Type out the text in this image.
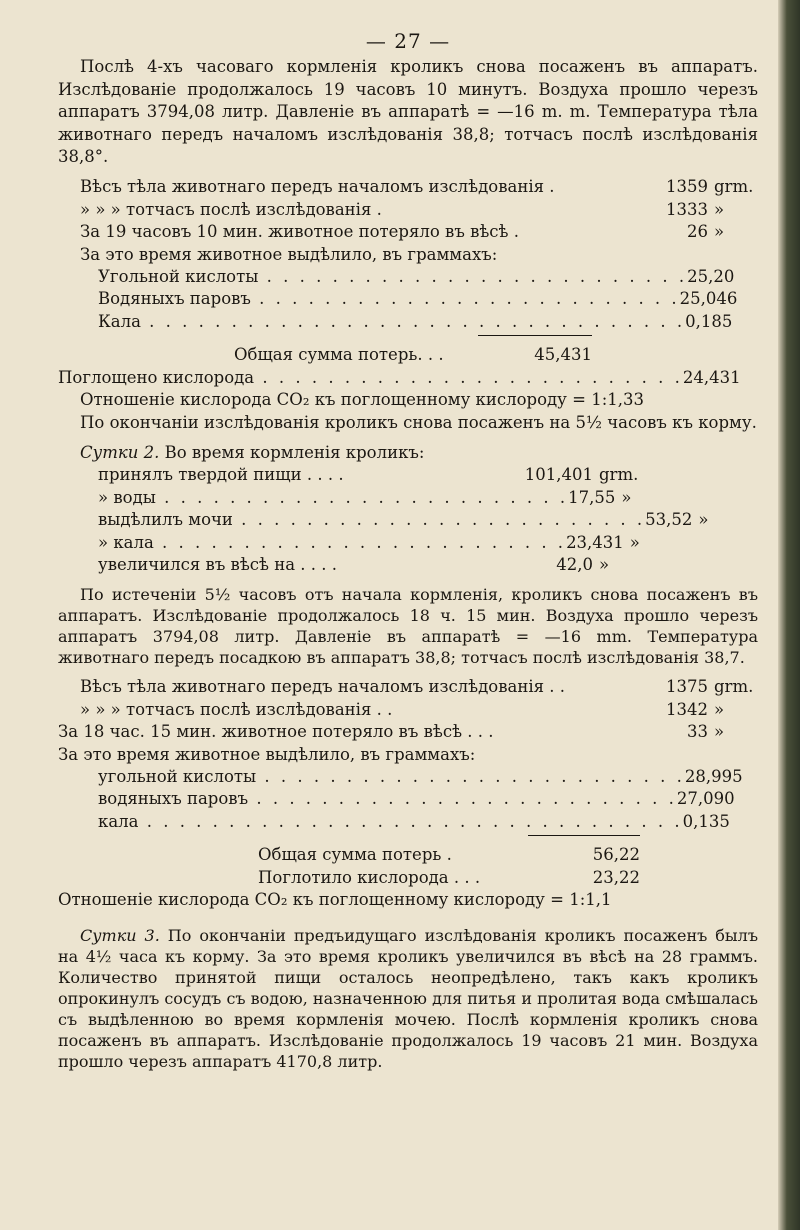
— 27 —

Послѣ 4-хъ часоваго кормленія кроликъ снова посаженъ въ аппаратъ. Изслѣдованіе продолжалось 19 часовъ 10 минутъ. Воздуха прошло черезъ аппаратъ 3794,08 литр. Давленіе въ аппаратѣ = —16 m. m. Температура тѣла животнаго передъ началомъ изслѣдованія 38,8; тотчасъ послѣ изслѣдованія 38,8°.

Вѣсъ тѣла животнаго передъ началомъ изслѣдованія .	1359 grm.
» » » тотчасъ послѣ изслѣдованія .	1333 »
За 19 часовъ 10 мин. животное потеряло въ вѣсѣ .	26 »
За это время животное выдѣлило, въ граммахъ:
Угольной кислоты . . . . . . . . . . . . . . . . . . . . . . . . . . 25,20
Водяныхъ паровъ . . . . . . . . . . . . . . . . . . . . . . . . . . 25,046
Кала . . . . . . . . . . . . . . . . . . . . . . . . . . . . . . . . . 0,185
Общая сумма потерь. . .	45,431
Поглощено кислорода . . . . . . . . . . . . . . . . . . . . . . . . . . 24,431
Отношеніе кислорода CO₂ къ поглощенному кислороду = 1:1,33

По окончаніи изслѣдованія кроликъ снова посаженъ на 5½ часовъ къ корму.

Сутки 2. Во время кормленія кроликъ:
принялъ твердой пищи . . . .	101,401 grm.
» воды . . . . . . . . . . . . . . . . . . . . . . . . . 17,55 »
выдѣлилъ мочи . . . . . . . . . . . . . . . . . . . . . . . . . 53,52 »
» кала . . . . . . . . . . . . . . . . . . . . . . . . . 23,431 »
увеличился въ вѣсѣ на . . . .	42,0 »

По истеченіи 5½ часовъ отъ начала кормленія, кроликъ снова посаженъ въ аппаратъ. Изслѣдованіе продолжалось 18 ч. 15 мин. Воздуха прошло черезъ аппаратъ 3794,08 литр. Давленіе въ аппаратѣ = —16 mm. Температура животнаго передъ посадкою въ аппаратъ 38,8; тотчасъ послѣ изслѣдованія 38,7.

Вѣсъ тѣла животнаго передъ началомъ изслѣдованія . .	1375 grm.
» » » тотчасъ послѣ изслѣдованія . .	1342 »
За 18 час. 15 мин. животное потеряло въ вѣсѣ . . .	33 »
За это время животное выдѣлило, въ граммахъ:
угольной кислоты . . . . . . . . . . . . . . . . . . . . . . . . . . 28,995
водяныхъ паровъ . . . . . . . . . . . . . . . . . . . . . . . . . . 27,090
кала . . . . . . . . . . . . . . . . . . . . . . . . . . . . . . . . . 0,135
Общая сумма потерь .	56,22
Поглотило кислорода . . .	23,22
Отношеніе кислорода CO₂ къ поглощенному кислороду = 1:1,1

Сутки 3. По окончаніи предъидущаго изслѣдованія кроликъ посаженъ былъ на 4½ часа къ корму. За это время кроликъ увеличился въ вѣсѣ на 28 граммъ. Количество принятой пищи осталось неопредѣлено, такъ какъ кроликъ опрокинулъ сосудъ съ водою, назначенною для питья и пролитая вода смѣшалась съ выдѣленною во время кормленія мочею. Послѣ кормленія кроликъ снова посаженъ въ аппаратъ. Изслѣдованіе продолжалось 19 часовъ 21 мин. Воздуха прошло черезъ аппаратъ 4170,8 литр.
